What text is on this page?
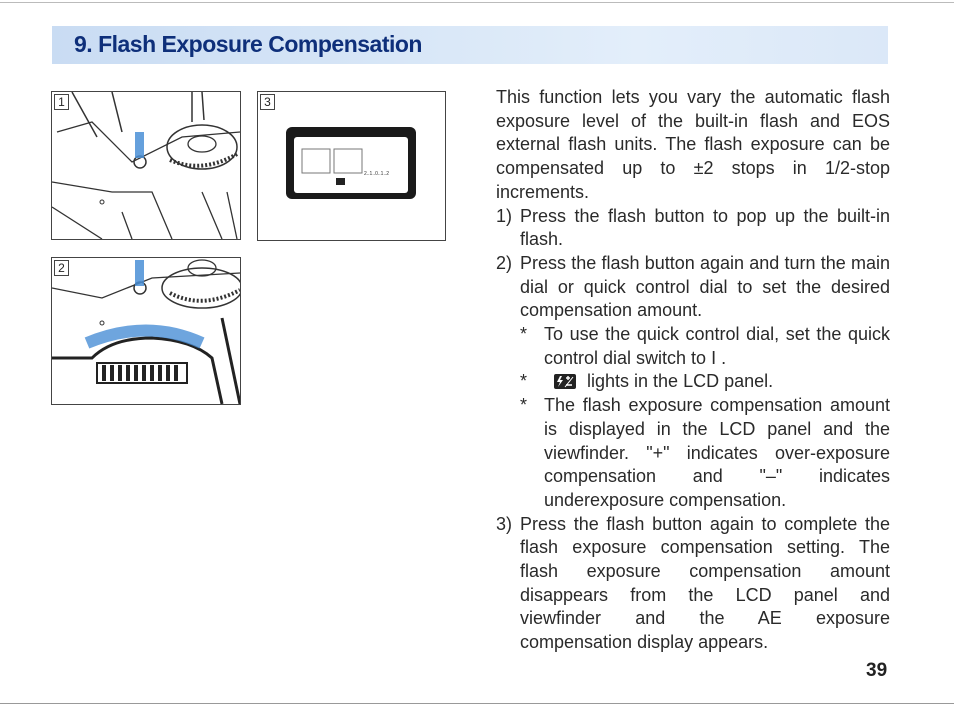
9. Flash Exposure Compensation
1	3
2..1..0..1..2
2
This function lets you vary the automatic flash exposure level of the built-in flash and EOS external flash units. The flash exposure can be compensated up to ±2 stops in 1/2-stop increments.
1) Press the flash button to pop up the built-in flash.
2) Press the flash button again and turn the main dial or quick control dial to set the desired compensation amount.
* To use the quick control dial, set the quick control dial switch to I .
*	lights in the LCD panel.
* The flash exposure compensation amount is displayed in the LCD panel and the viewfinder. "+" indicates over-exposure compensation and "–" indicates underexposure compensation.
3) Press the flash button again to complete the flash exposure compensation setting. The flash exposure compensation amount disappears from the LCD panel and viewfinder and the AE exposure compensation display appears.
39
